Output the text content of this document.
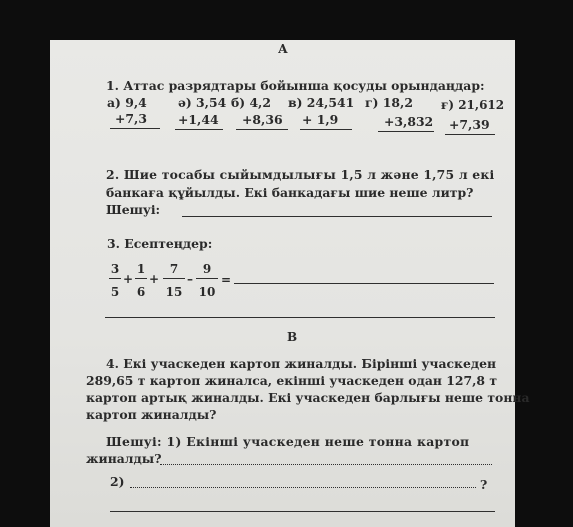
А
1. Аттас разрядтары бойынша қосуды орындаңдар:
а) 9,4	ә) 3,54 б) 4,2 в) 24,541 г) 18,2 ғ) 21,612
+7,3	+1,44 +8,36 + 1,9	+3,832 +7,39
2. Шие тосабы сыйымдылығы 1,5 л және 1,75 л екі
банкаға құйылды. Екі банкадағы шие неше литр?
Шешуі:
3. Есептеңдер:
3
5
+
1
6
+
7
15
–
9
10
=
В
4. Екі учаскеден картоп жиналды. Бірінші учаскеден
289,65 т картоп жиналса, екінші учаскеден одан 127,8 т
картоп артық жиналды. Екі учаскеден барлығы неше тонна
картоп жиналды?
Шешуі: 1) Екінші учаскеден неше тонна картоп
жиналды?
2)	?
